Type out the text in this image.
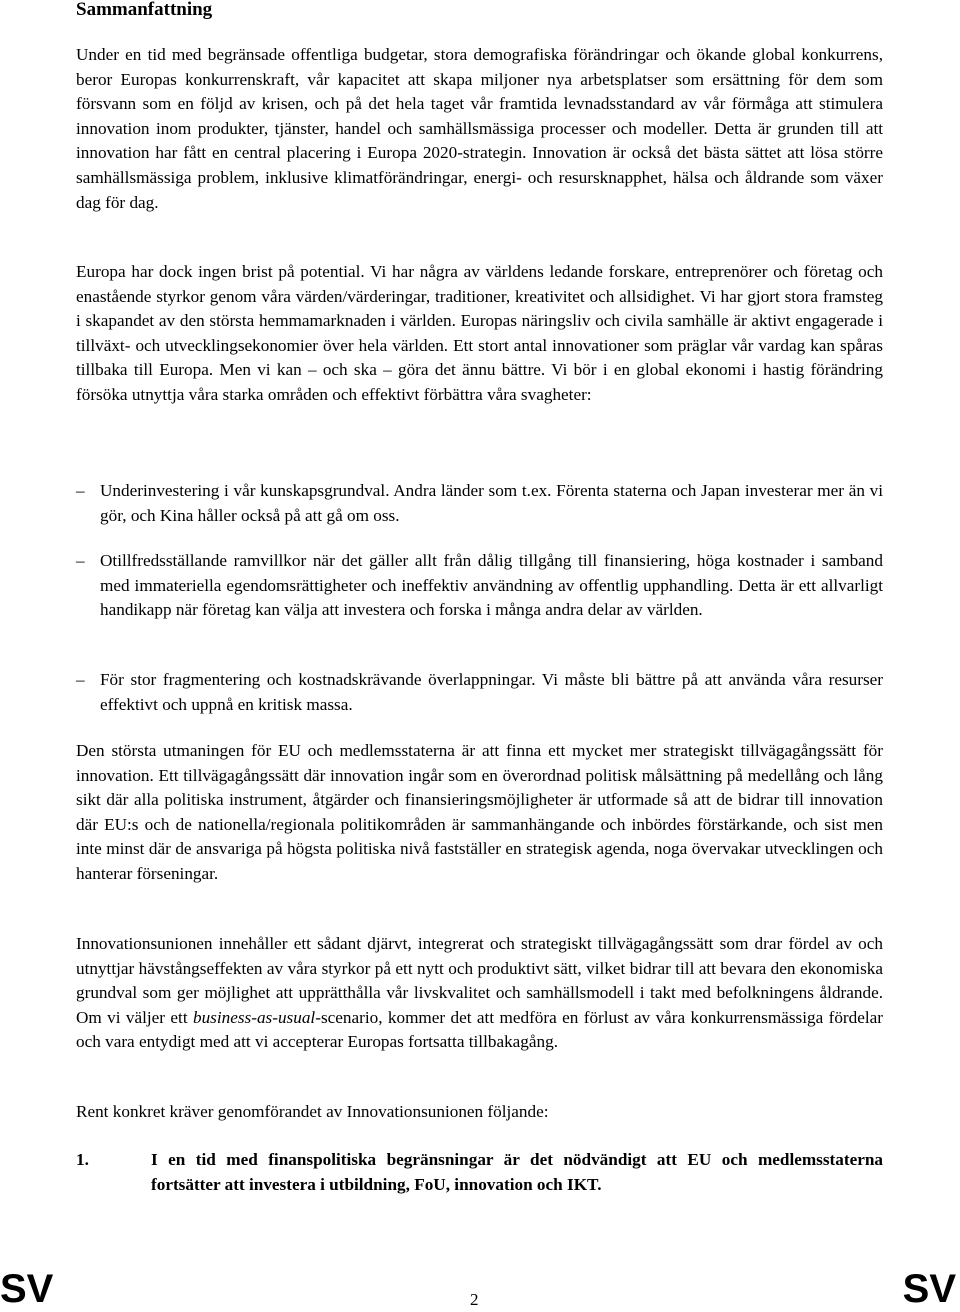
Sammanfattning

Under en tid med begränsade offentliga budgetar, stora demografiska förändringar och ökande global konkurrens, beror Europas konkurrenskraft, vår kapacitet att skapa miljoner nya arbetsplatser som ersättning för dem som försvann som en följd av krisen, och på det hela taget vår framtida levnadsstandard av vår förmåga att stimulera innovation inom produkter, tjänster, handel och samhällsmässiga processer och modeller. Detta är grunden till att innovation har fått en central placering i Europa 2020-strategin. Innovation är också det bästa sättet att lösa större samhällsmässiga problem, inklusive klimatförändringar, energi- och resursknapphet, hälsa och åldrande som växer dag för dag.

Europa har dock ingen brist på potential. Vi har några av världens ledande forskare, entreprenörer och företag och enastående styrkor genom våra värden/värderingar, traditioner, kreativitet och allsidighet. Vi har gjort stora framsteg i skapandet av den största hemmamarknaden i världen. Europas näringsliv och civila samhälle är aktivt engagerade i tillväxt- och utvecklingsekonomier över hela världen. Ett stort antal innovationer som präglar vår vardag kan spåras tillbaka till Europa. Men vi kan – och ska – göra det ännu bättre. Vi bör i en global ekonomi i hastig förändring försöka utnyttja våra starka områden och effektivt förbättra våra svagheter:

– Underinvestering i vår kunskapsgrundval. Andra länder som t.ex. Förenta staterna och Japan investerar mer än vi gör, och Kina håller också på att gå om oss.
– Otillfredsställande ramvillkor när det gäller allt från dålig tillgång till finansiering, höga kostnader i samband med immateriella egendomsrättigheter och ineffektiv användning av offentlig upphandling. Detta är ett allvarligt handikapp när företag kan välja att investera och forska i många andra delar av världen.
– För stor fragmentering och kostnadskrävande överlappningar. Vi måste bli bättre på att använda våra resurser effektivt och uppnå en kritisk massa.

Den största utmaningen för EU och medlemsstaterna är att finna ett mycket mer strategiskt tillvägagångssätt för innovation. Ett tillvägagångssätt där innovation ingår som en överordnad politisk målsättning på medellång och lång sikt där alla politiska instrument, åtgärder och finansieringsmöjligheter är utformade så att de bidrar till innovation där EU:s och de nationella/regionala politikområden är sammanhängande och inbördes förstärkande, och sist men inte minst där de ansvariga på högsta politiska nivå fastställer en strategisk agenda, noga övervakar utvecklingen och hanterar förseningar.

Innovationsunionen innehåller ett sådant djärvt, integrerat och strategiskt tillvägagångssätt som drar fördel av och utnyttjar hävstångseffekten av våra styrkor på ett nytt och produktivt sätt, vilket bidrar till att bevara den ekonomiska grundval som ger möjlighet att upprätthålla vår livskvalitet och samhällsmodell i takt med befolkningens åldrande. Om vi väljer ett business-as-usual-scenario, kommer det att medföra en förlust av våra konkurrensmässiga fördelar och vara entydigt med att vi accepterar Europas fortsatta tillbakagång.

Rent konkret kräver genomförandet av Innovationsunionen följande:

1.	I en tid med finanspolitiska begränsningar är det nödvändigt att EU och medlemsstaterna fortsätter att investera i utbildning, FoU, innovation och IKT.
SV	2	SV
